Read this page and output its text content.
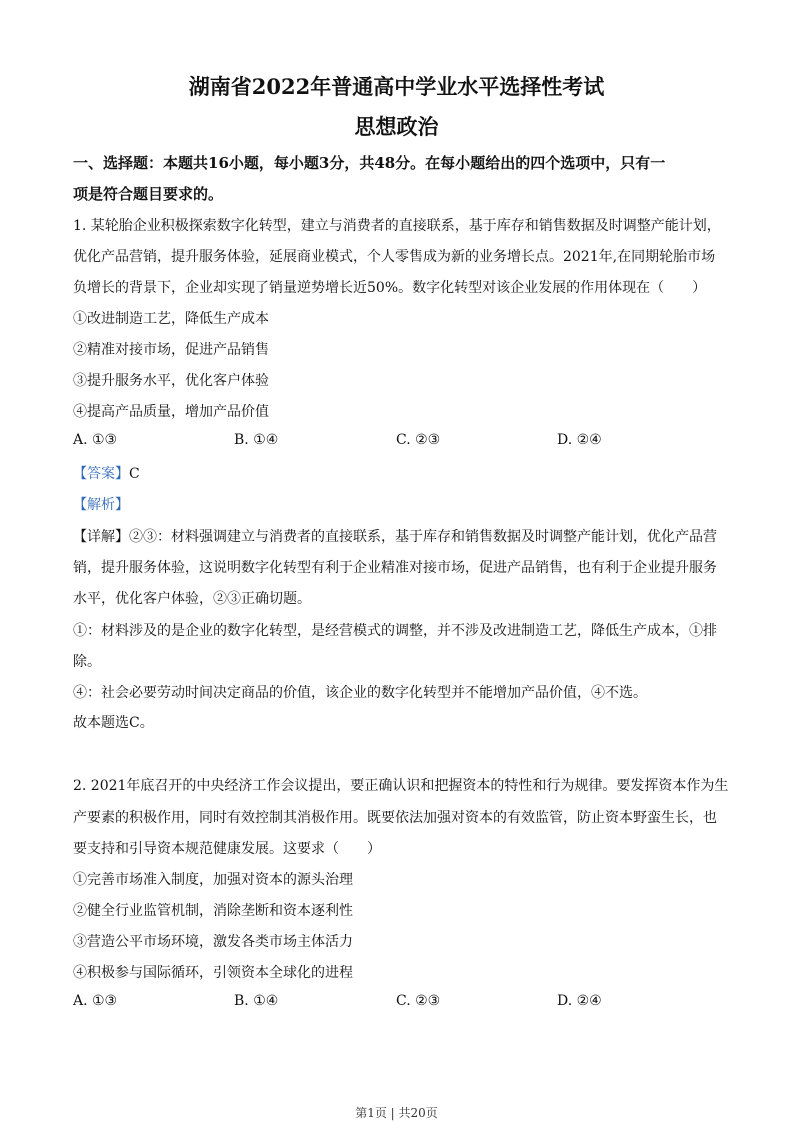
湖南省2022年普通高中学业水平选择性考试
思想政治
一、选择题：本题共16小题，每小题3分，共48分。在每小题给出的四个选项中，只有一
项是符合题目要求的。
1. 某轮胎企业积极探索数字化转型，建立与消费者的直接联系，基于库存和销售数据及时调整产能计划，
优化产品营销，提升服务体验，延展商业模式，个人零售成为新的业务增长点。2021年,在同期轮胎市场
负增长的背景下，企业却实现了销量逆势增长近50%。数字化转型对该企业发展的作用体现在（　　）
①改进制造工艺，降低生产成本
②精准对接市场，促进产品销售
③提升服务水平，优化客户体验
④提高产品质量，增加产品价值
A. ①③	B. ①④	C. ②③	D. ②④
【答案】C
【解析】
【详解】②③：材料强调建立与消费者的直接联系，基于库存和销售数据及时调整产能计划，优化产品营
销，提升服务体验，这说明数字化转型有利于企业精准对接市场，促进产品销售，也有利于企业提升服务
水平，优化客户体验，②③正确切题。
①：材料涉及的是企业的数字化转型，是经营模式的调整，并不涉及改进制造工艺，降低生产成本，①排
除。
④：社会必要劳动时间决定商品的价值，该企业的数字化转型并不能增加产品价值，④不选。
故本题选C。
2. 2021年底召开的中央经济工作会议提出，要正确认识和把握资本的特性和行为规律。要发挥资本作为生
产要素的积极作用，同时有效控制其消极作用。既要依法加强对资本的有效监管，防止资本野蛮生长，也
要支持和引导资本规范健康发展。这要求（　　）
①完善市场准入制度，加强对资本的源头治理
②健全行业监管机制，消除垄断和资本逐利性
③营造公平市场环境，激发各类市场主体活力
④积极参与国际循环，引领资本全球化的进程
A. ①③	B. ①④	C. ②③	D. ②④
第1页 | 共20页
